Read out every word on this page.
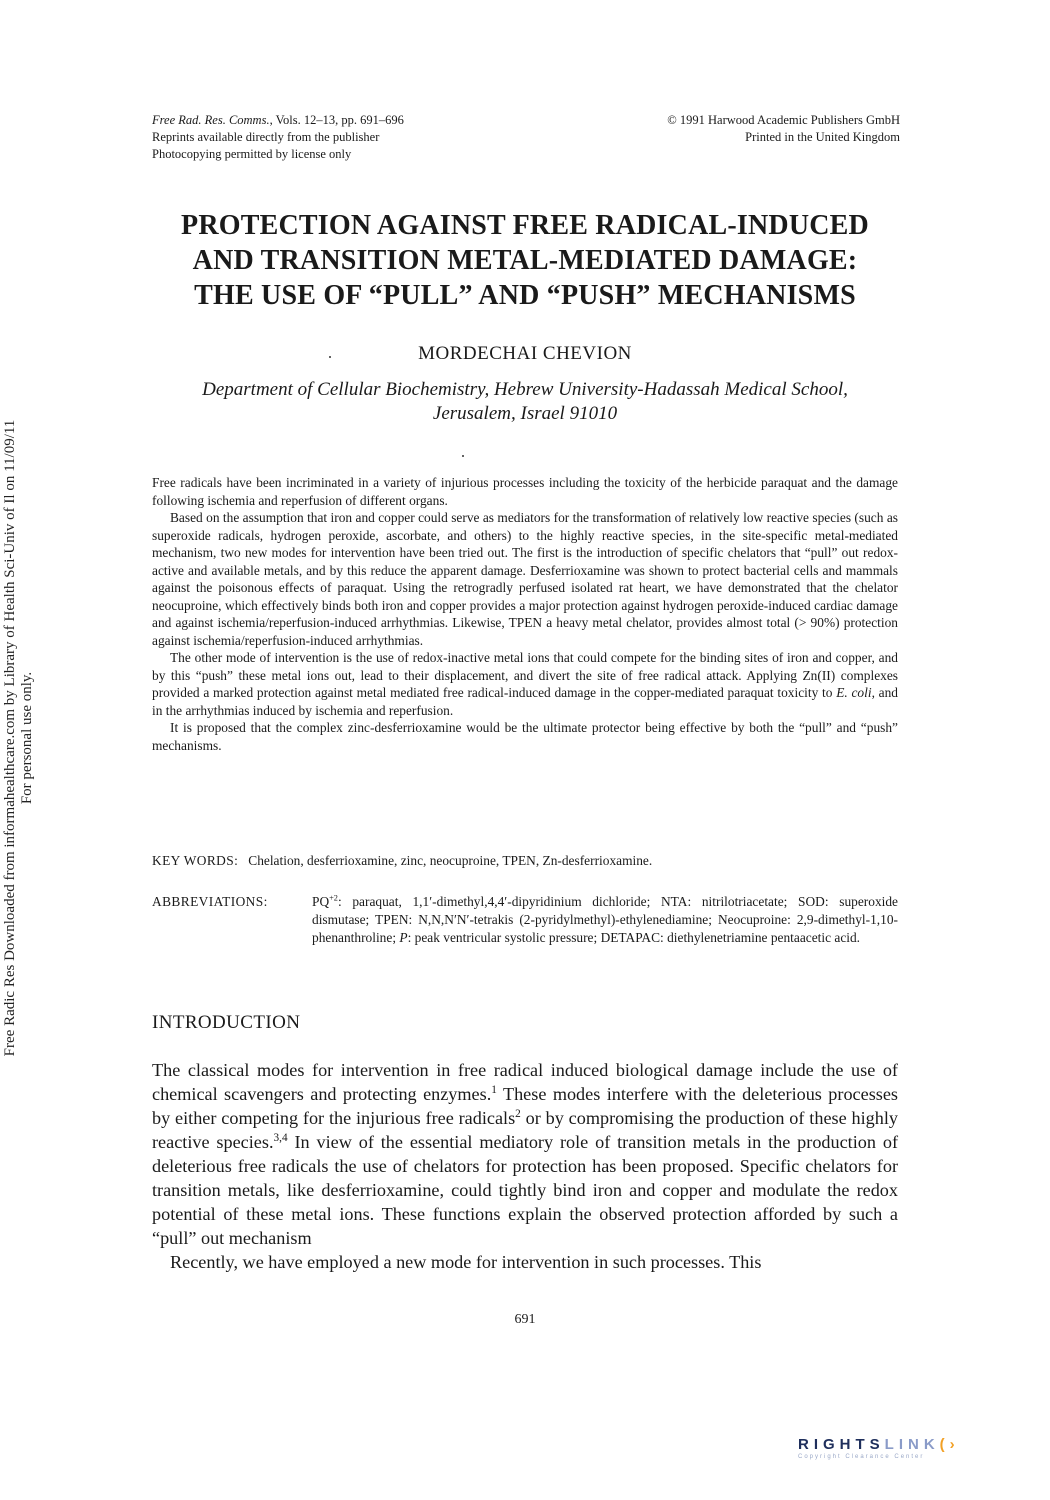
Free Radic Res Downloaded from informahealthcare.com by Library of Health Sci-Univ of Il on 11/09/11 For personal use only.
Free Rad. Res. Comms., Vols. 12–13, pp. 691–696
Reprints available directly from the publisher
Photocopying permitted by license only
© 1991 Harwood Academic Publishers GmbH
Printed in the United Kingdom
PROTECTION AGAINST FREE RADICAL-INDUCED
AND TRANSITION METAL-MEDIATED DAMAGE:
THE USE OF “PULL” AND “PUSH” MECHANISMS
MORDECHAI CHEVION
Department of Cellular Biochemistry, Hebrew University-Hadassah Medical School,
Jerusalem, Israel 91010

Free radicals have been incriminated in a variety of injurious processes including the toxicity of the herbicide paraquat and the damage following ischemia and reperfusion of different organs.

Based on the assumption that iron and copper could serve as mediators for the transformation of relatively low reactive species (such as superoxide radicals, hydrogen peroxide, ascorbate, and others) to the highly reactive species, in the site-specific metal-mediated mechanism, two new modes for intervention have been tried out. The first is the introduction of specific chelators that “pull” out redox-active and available metals, and by this reduce the apparent damage. Desferrioxamine was shown to protect bacterial cells and mammals against the poisonous effects of paraquat. Using the retrogradly perfused isolated rat heart, we have demonstrated that the chelator neocuproine, which effectively binds both iron and copper provides a major protection against hydrogen peroxide-induced cardiac damage and against ischemia/reperfusion-induced arrhythmias. Likewise, TPEN a heavy metal chelator, provides almost total (> 90%) protection against ischemia/reperfusion-induced arrhythmias.

The other mode of intervention is the use of redox-inactive metal ions that could compete for the binding sites of iron and copper, and by this “push” these metal ions out, lead to their displacement, and divert the site of free radical attack. Applying Zn(II) complexes provided a marked protection against metal mediated free radical-induced damage in the copper-mediated paraquat toxicity to E. coli, and in the arrhythmias induced by ischemia and reperfusion.

It is proposed that the complex zinc-desferrioxamine would be the ultimate protector being effective by both the “pull” and “push” mechanisms.

KEY WORDS: Chelation, desferrioxamine, zinc, neocuproine, TPEN, Zn-desferrioxamine.
ABBREVIATIONS:	$PQ^{+2}$: paraquat, 1,1′-dimethyl,4,4′-dipyridinium dichloride; NTA: nitrilotriacetate; SOD: superoxide dismutase; TPEN: N,N,N′N′-tetrakis (2-pyridylmethyl)-ethylenediamine; Neocuproine: 2,9-dimethyl-1,10-phenanthroline; P: peak ventricular systolic pressure; DETAPAC: diethylenetriamine pentaacetic acid.
INTRODUCTION

The classical modes for intervention in free radical induced biological damage include the use of chemical scavengers and protecting enzymes.$^1$ These modes interfere with the deleterious processes by either competing for the injurious free radicals$^2$ or by compromising the production of these highly reactive species.$^{3,4}$ In view of the essential mediatory role of transition metals in the production of deleterious free radicals the use of chelators for protection has been proposed. Specific chelators for transition metals, like desferrioxamine, could tightly bind iron and copper and modulate the redox potential of these metal ions. These functions explain the observed protection afforded by such a “pull” out mechanism

Recently, we have employed a new mode for intervention in such processes. This

691
RIGHTSLINK(›
Copyright Clearance Center
